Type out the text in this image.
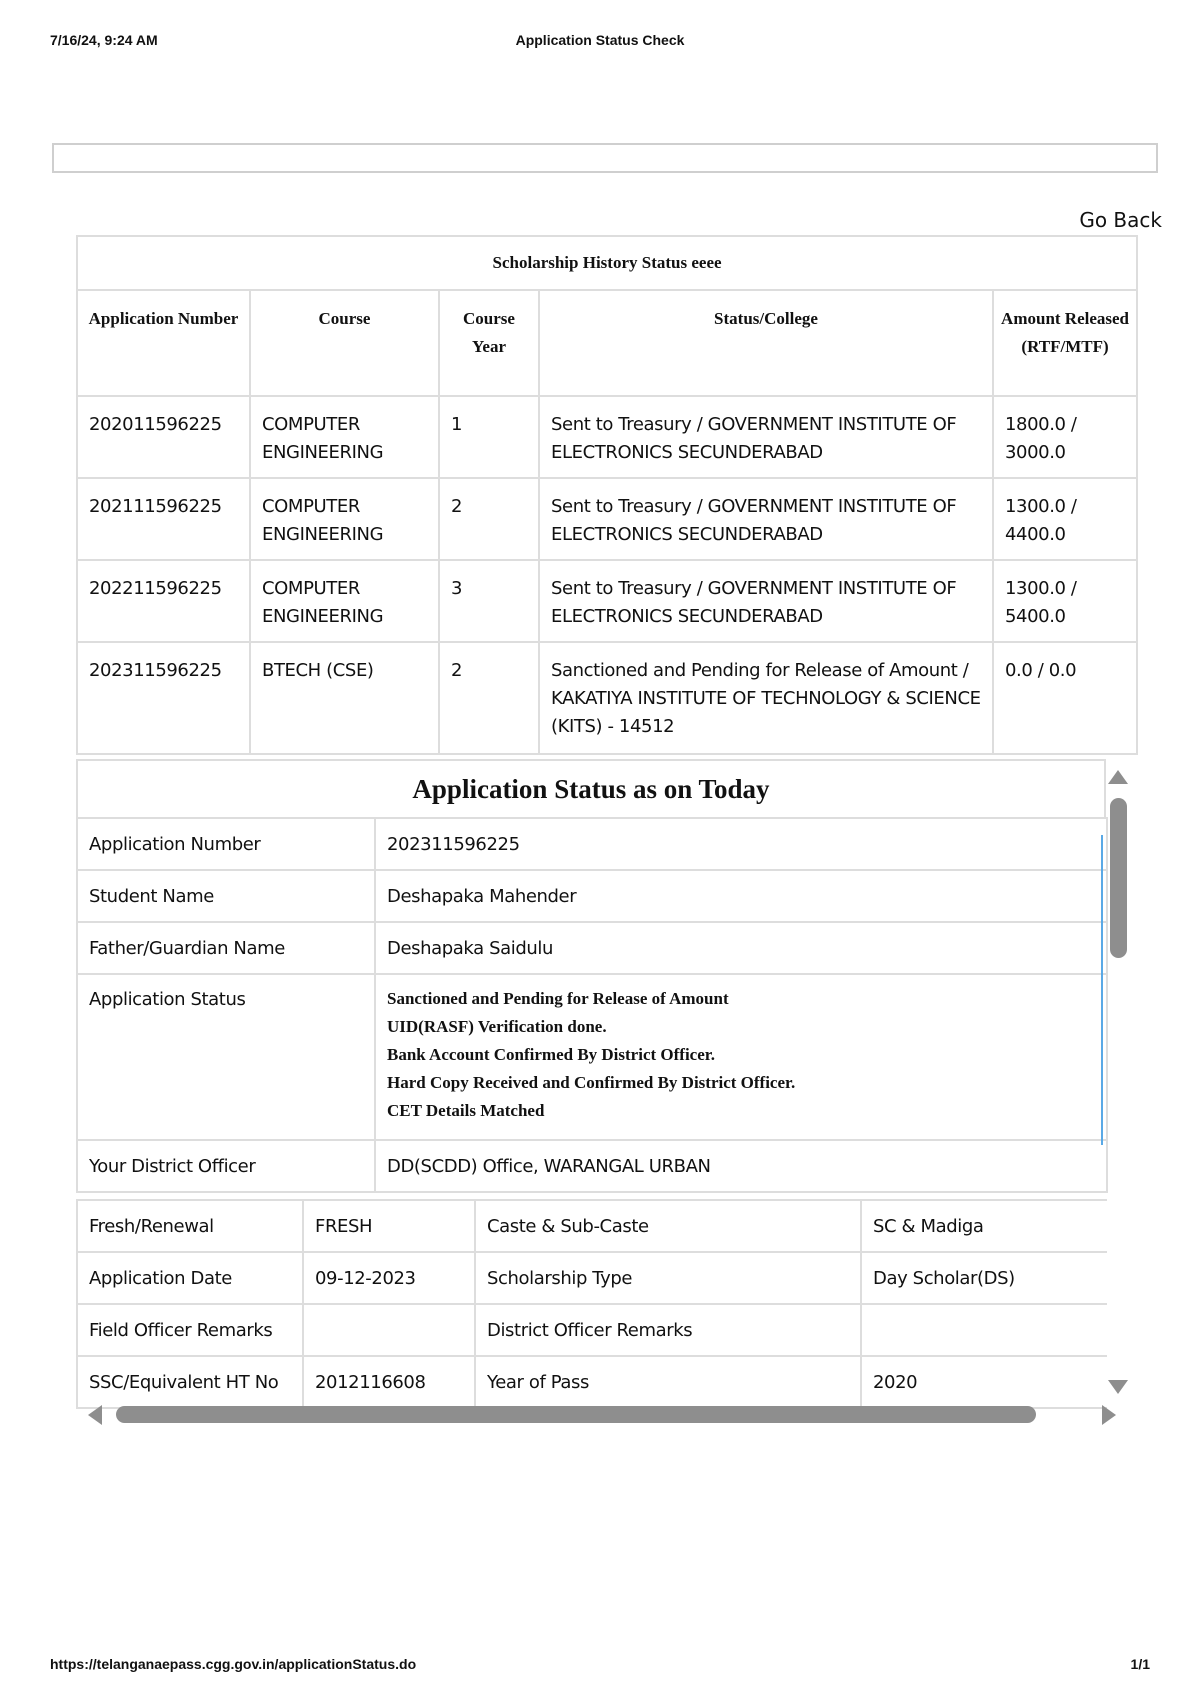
7/16/24, 9:24 AM	Application Status Check
Go Back
Scholarship History Status eeee				
Application Number	Course	Course Year	Status/College	Amount Released (RTF/MTF)
202011596225	COMPUTER ENGINEERING	1	Sent to Treasury / GOVERNMENT INSTITUTE OF ELECTRONICS SECUNDERABAD	1800.0 / 3000.0
202111596225	COMPUTER ENGINEERING	2	Sent to Treasury / GOVERNMENT INSTITUTE OF ELECTRONICS SECUNDERABAD	1300.0 / 4400.0
202211596225	COMPUTER ENGINEERING	3	Sent to Treasury / GOVERNMENT INSTITUTE OF ELECTRONICS SECUNDERABAD	1300.0 / 5400.0
202311596225	BTECH (CSE)	2	Sanctioned and Pending for Release of Amount / KAKATIYA INSTITUTE OF TECHNOLOGY & SCIENCE (KITS) - 14512	0.0 / 0.0
Application Status as on Today
Application Number	202311596225
Student Name	Deshapaka Mahender
Father/Guardian Name	Deshapaka Saidulu
Application Status	Sanctioned and Pending for Release of Amount
UID(RASF) Verification done.
Bank Account Confirmed By District Officer.
Hard Copy Received and Confirmed By District Officer.
CET Details Matched

Your District Officer	DD(SCDD) Office, WARANGAL URBAN
Fresh/Renewal	FRESH	Caste & Sub-Caste	SC & Madiga
Application Date	09-12-2023	Scholarship Type	Day Scholar(DS)
Field Officer Remarks		District Officer Remarks	
SSC/Equivalent HT No	2012116608	Year of Pass	2020
https://telanganaepass.cgg.gov.in/applicationStatus.do	1/1
